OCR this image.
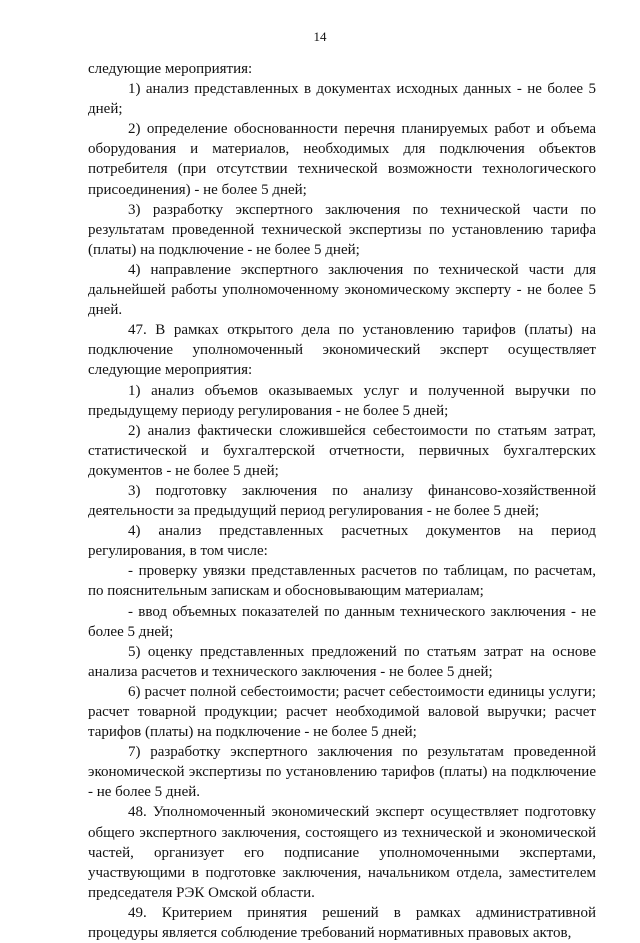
14

следующие мероприятия:

1) анализ представленных в документах исходных данных - не более 5 дней;

2) определение обоснованности перечня планируемых работ и объема оборудования и материалов, необходимых для подключения объектов потребителя (при отсутствии технической возможности технологического присоединения) - не более 5 дней;

3) разработку экспертного заключения по технической части по результатам проведенной технической экспертизы по установлению тарифа (платы) на подключение - не более 5 дней;

4) направление экспертного заключения по технической части для дальнейшей работы уполномоченному экономическому эксперту - не более 5 дней.

47. В рамках открытого дела по установлению тарифов (платы) на подключение уполномоченный экономический эксперт осуществляет следующие мероприятия:

1) анализ объемов оказываемых услуг и полученной выручки по предыдущему периоду регулирования - не более 5 дней;

2) анализ фактически сложившейся себестоимости по статьям затрат, статистической и бухгалтерской отчетности, первичных бухгалтерских документов - не более 5 дней;

3) подготовку заключения по анализу финансово-хозяйственной деятельности за предыдущий период регулирования - не более 5 дней;

4) анализ представленных расчетных документов на период регулирования, в том числе:

- проверку увязки представленных расчетов по таблицам, по расчетам, по пояснительным запискам и обосновывающим материалам;

- ввод объемных показателей по данным технического заключения - не более 5 дней;

5) оценку представленных предложений по статьям затрат на основе анализа расчетов и технического заключения - не более 5 дней;

6) расчет полной себестоимости; расчет себестоимости единицы услуги; расчет товарной продукции; расчет необходимой валовой выручки; расчет тарифов (платы) на подключение - не более 5 дней;

7) разработку экспертного заключения по результатам проведенной экономической экспертизы по установлению тарифов (платы) на подключение - не более 5 дней.

48. Уполномоченный экономический эксперт осуществляет подготовку общего экспертного заключения, состоящего из технической и экономической частей, организует его подписание уполномоченными экспертами, участвующими в подготовке заключения, начальником отдела, заместителем председателя РЭК Омской области.

49. Критерием принятия решений в рамках административной процедуры является соблюдение требований нормативных правовых актов,
